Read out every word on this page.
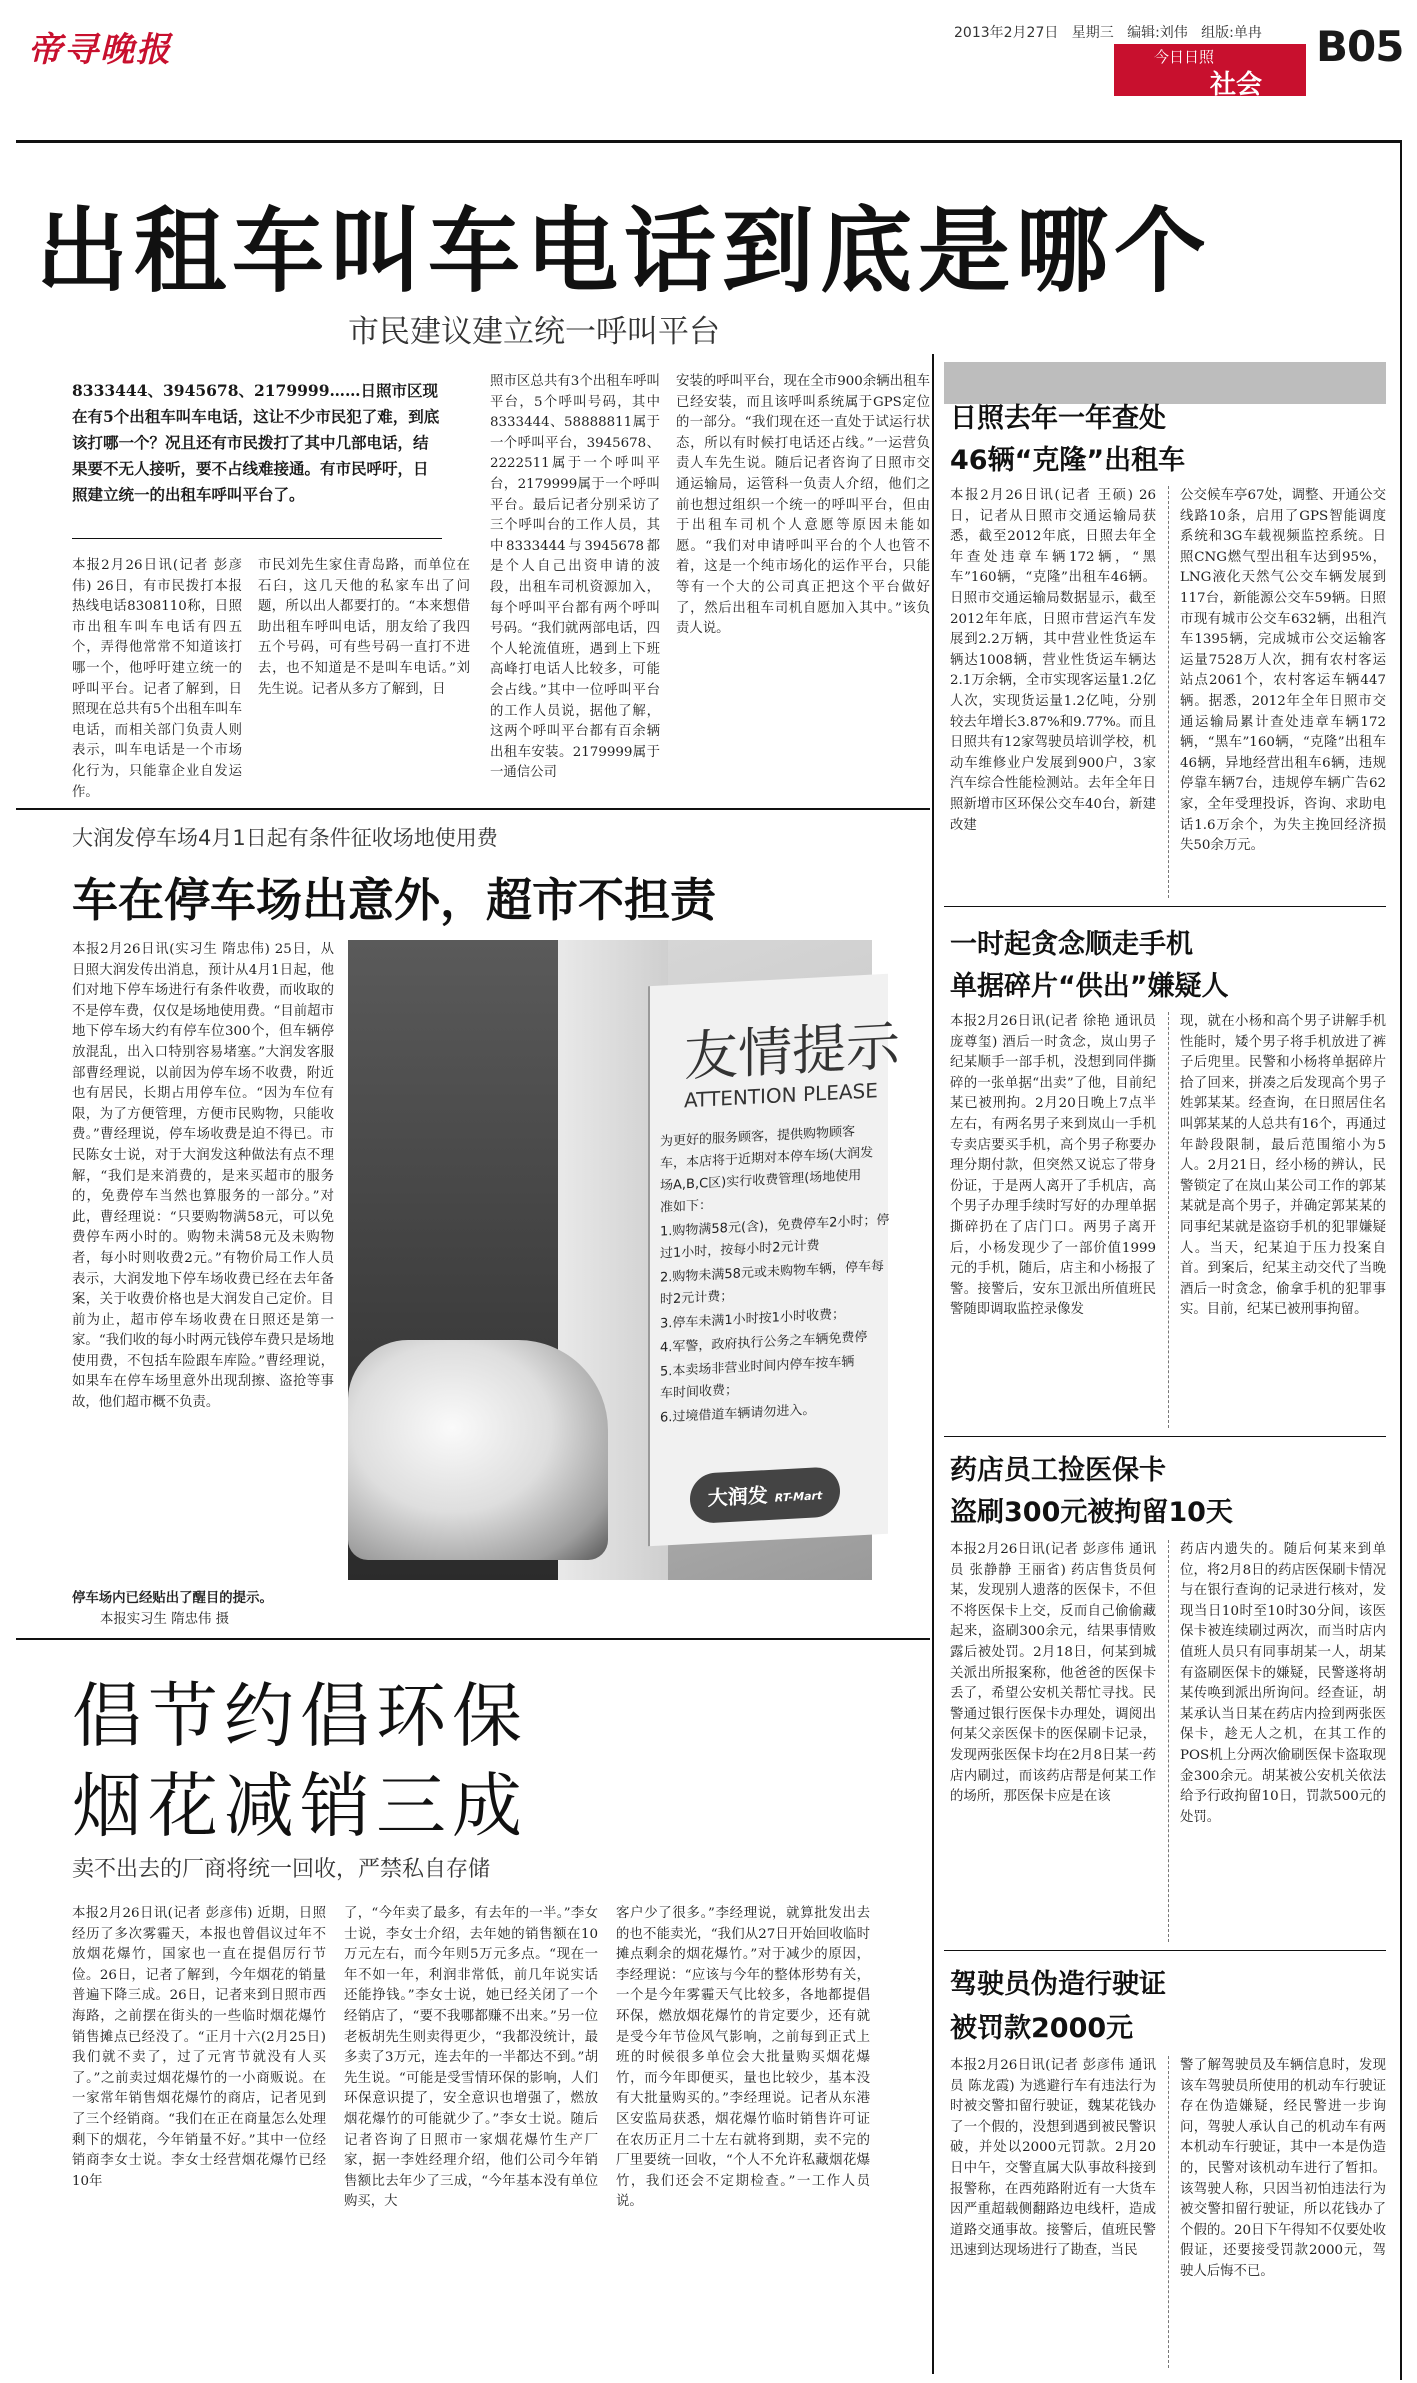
帝寻晚报	2013年2月27日 星期三 编辑:刘伟 组版:单冉
今日日照
社会
B05
出租车叫车电话到底是哪个
市民建议建立统一呼叫平台
8333444、3945678、2179999……日照市区现在有5个出租车叫车电话，这让不少市民犯了难，到底该打哪一个？况且还有市民拨打了其中几部电话，结果要不无人接听，要不占线难接通。有市民呼吁，日照建立统一的出租车呼叫平台了。
本报2月26日讯(记者 彭彦伟) 26日，有市民拨打本报热线电话8308110称，日照市出租车叫车电话有四五个，弄得他常常不知道该打哪一个，他呼吁建立统一的呼叫平台。记者了解到，日照现在总共有5个出租车叫车电话，而相关部门负责人则表示，叫车电话是一个市场化行为，只能靠企业自发运作。
市民刘先生家住青岛路，而单位在石臼，这几天他的私家车出了问题，所以出人都要打的。“本来想借助出租车呼叫电话，朋友给了我四五个号码，可有些号码一直打不进去，也不知道是不是叫车电话。”刘先生说。记者从多方了解到，日
照市区总共有3个出租车呼叫平台，5个呼叫号码，其中8333444、58888811属于一个呼叫平台，3945678、2222511属于一个呼叫平台，2179999属于一个呼叫平台。最后记者分别采访了三个呼叫台的工作人员，其中8333444与3945678都是个人自己出资申请的波段，出租车司机资源加入，每个呼叫平台都有两个呼叫号码。“我们就两部电话，四个人轮流值班，遇到上下班高峰打电话人比较多，可能会占线。”其中一位呼叫平台的工作人员说，据他了解，这两个呼叫平台都有百余辆出租车安装。2179999属于一通信公司
安装的呼叫平台，现在全市900余辆出租车已经安装，而且该呼叫系统属于GPS定位的一部分。“我们现在还一直处于试运行状态，所以有时候打电话还占线。”一运营负责人车先生说。随后记者咨询了日照市交通运输局，运管科一负责人介绍，他们之前也想过组织一个统一的呼叫平台，但由于出租车司机个人意愿等原因未能如愿。“我们对申请呼叫平台的个人也管不着，这是一个纯市场化的运作平台，只能等有一个大的公司真正把这个平台做好了，然后出租车司机自愿加入其中。”该负责人说。
大润发停车场4月1日起有条件征收场地使用费
车在停车场出意外，超市不担责
本报2月26日讯(实习生 隋忠伟) 25日，从日照大润发传出消息，预计从4月1日起，他们对地下停车场进行有条件收费，而收取的不是停车费，仅仅是场地使用费。“目前超市地下停车场大约有停车位300个，但车辆停放混乱，出入口特别容易堵塞。”大润发客服部曹经理说，以前因为停车场不收费，附近也有居民，长期占用停车位。“因为车位有限，为了方便管理，方便市民购物，只能收费。”曹经理说，停车场收费是迫不得已。市民陈女士说，对于大润发这种做法有点不理解，“我们是来消费的，是来买超市的服务的，免费停车当然也算服务的一部分。”对此，曹经理说：“只要购物满58元，可以免费停车两小时的。购物未满58元及未购物者，每小时则收费2元。”有物价局工作人员表示，大润发地下停车场收费已经在去年备案，关于收费价格也是大润发自己定价。目前为止，超市停车场收费在日照还是第一家。“我们收的每小时两元钱停车费只是场地使用费，不包括车险跟车库险。”曹经理说，如果车在停车场里意外出现刮擦、盗抢等事故，他们超市概不负责。
友情提示
ATTENTION PLEASE
为更好的服务顾客，提供购物顾客
车，本店将于近期对本停车场(大润发
场A,B,C区)实行收费管理(场地使用
准如下：
1.购物满58元(含)，免费停车2小时；停
过1小时，按每小时2元计费
2.购物未满58元或未购物车辆，停车每
时2元计费；
3.停车未满1小时按1小时收费；
4.军警，政府执行公务之车辆免费停
5.本卖场非营业时间内停车按车辆
车时间收费；
6.过境借道车辆请勿进入。
大润发 RT-Mart
停车场内已经贴出了醒目的提示。
本报实习生 隋忠伟 摄
倡节约倡环保
烟花减销三成
卖不出去的厂商将统一回收，严禁私自存储
本报2月26日讯(记者 彭彦伟) 近期，日照经历了多次雾霾天，本报也曾倡议过年不放烟花爆竹，国家也一直在提倡厉行节俭。26日，记者了解到，今年烟花的销量普遍下降三成。26日，记者来到日照市西海路，之前摆在街头的一些临时烟花爆竹销售摊点已经没了。“正月十六(2月25日)我们就不卖了，过了元宵节就没有人买了。”之前卖过烟花爆竹的一小商贩说。在一家常年销售烟花爆竹的商店，记者见到了三个经销商。“我们在正在商量怎么处理剩下的烟花，今年销量不好。”其中一位经销商李女士说。李女士经营烟花爆竹已经10年
了，“今年卖了最多，有去年的一半。”李女士说，李女士介绍，去年她的销售额在10万元左右，而今年则5万元多点。“现在一年不如一年，利润非常低，前几年说实话还能挣钱。”李女士说，她已经关闭了一个经销店了，“要不我哪都赚不出来。”另一位老板胡先生则卖得更少，“我都没统计，最多卖了3万元，连去年的一半都达不到。”胡先生说。“可能是受雪情环保的影响，人们环保意识提了，安全意识也增强了，燃放烟花爆竹的可能就少了。”李女士说。随后记者咨询了日照市一家烟花爆竹生产厂家，据一李姓经理介绍，他们公司今年销售额比去年少了三成，“今年基本没有单位购买，大
客户少了很多。”李经理说，就算批发出去的也不能卖光，“我们从27日开始回收临时摊点剩余的烟花爆竹。”对于减少的原因，李经理说：“应该与今年的整体形势有关，一个是今年雾霾天气比较多，各地都提倡环保，燃放烟花爆竹的肯定要少，还有就是受今年节俭风气影响，之前每到正式上班的时候很多单位会大批量购买烟花爆竹，而今年即便买，量也比较少，基本没有大批量购买的。”李经理说。记者从东港区安监局获悉，烟花爆竹临时销售许可证在农历正月二十左右就将到期，卖不完的厂里要统一回收，“个人不允许私藏烟花爆竹，我们还会不定期检查。”一工作人员说。
日照去年一年查处
46辆“克隆”出租车
本报2月26日讯(记者 王硕) 26日，记者从日照市交通运输局获悉，截至2012年底，日照去年全年查处违章车辆172辆，“黑车”160辆，“克隆”出租车46辆。日照市交通运输局数据显示，截至2012年年底，日照市营运汽车发展到2.2万辆，其中营业性货运车辆达1008辆，营业性货运车辆达2.1万余辆，全市实现客运量1.2亿人次，实现货运量1.2亿吨，分别较去年增长3.87%和9.77%。而且日照共有12家驾驶员培训学校，机动车维修业户发展到900户，3家汽车综合性能检测站。去年全年日照新增市区环保公交车40台，新建改建
公交候车亭67处，调整、开通公交线路10条，启用了GPS智能调度系统和3G车载视频监控系统。日照CNG燃气型出租车达到95%，LNG液化天然气公交车辆发展到117台，新能源公交车59辆。日照市现有城市公交车632辆，出租汽车1395辆，完成城市公交运输客运量7528万人次，拥有农村客运站点2061个，农村客运车辆447辆。据悉，2012年全年日照市交通运输局累计查处违章车辆172辆，“黑车”160辆，“克隆”出租车46辆，异地经营出租车6辆，违规停靠车辆7台，违规停车辆广告62家，全年受理投诉，咨询、求助电话1.6万余个，为失主挽回经济损失50余万元。
一时起贪念顺走手机
单据碎片“供出”嫌疑人
本报2月26日讯(记者 徐艳 通讯员 庞尊玺) 酒后一时贪念，岚山男子纪某顺手一部手机，没想到同伴撕碎的一张单据“出卖”了他，目前纪某已被刑拘。2月20日晚上7点半左右，有两名男子来到岚山一手机专卖店要买手机，高个男子称要办理分期付款，但突然又说忘了带身份证，于是两人离开了手机店，高个男子办理手续时写好的办理单据撕碎扔在了店门口。两男子离开后，小杨发现少了一部价值1999元的手机，随后，店主和小杨报了警。接警后，安东卫派出所值班民警随即调取监控录像发
现，就在小杨和高个男子讲解手机性能时，矮个男子将手机放进了裤子后兜里。民警和小杨将单据碎片拾了回来，拼凑之后发现高个男子姓郭某某。经查询，在日照居住名叫郭某某的人总共有16个，再通过年龄段限制，最后范围缩小为5人。2月21日，经小杨的辨认，民警锁定了在岚山某公司工作的郭某某就是高个男子，并确定郭某某的同事纪某就是盗窃手机的犯罪嫌疑人。当天，纪某迫于压力投案自首。到案后，纪某主动交代了当晚酒后一时贪念，偷拿手机的犯罪事实。目前，纪某已被刑事拘留。
药店员工捡医保卡
盗刷300元被拘留10天
本报2月26日讯(记者 彭彦伟 通讯员 张静静 王丽省) 药店售货员何某，发现别人遗落的医保卡，不但不将医保卡上交，反而自己偷偷藏起来，盗刷300余元，结果事情败露后被处罚。2月18日，何某到城关派出所报案称，他爸爸的医保卡丢了，希望公安机关帮忙寻找。民警通过银行医保卡办理处，调阅出何某父亲医保卡的医保刷卡记录，发现两张医保卡均在2月8日某一药店内刷过，而该药店帮是何某工作的场所，那医保卡应是在该
药店内遗失的。随后何某来到单位，将2月8日的药店医保刷卡情况与在银行查询的记录进行核对，发现当日10时至10时30分间，该医保卡被连续刷过两次，而当时店内值班人员只有同事胡某一人，胡某有盗刷医保卡的嫌疑，民警遂将胡某传唤到派出所询问。经查证，胡某承认当日某在药店内捡到两张医保卡，趁无人之机，在其工作的POS机上分两次偷刷医保卡盗取现金300余元。胡某被公安机关依法给予行政拘留10日，罚款500元的处罚。
驾驶员伪造行驶证
被罚款2000元
本报2月26日讯(记者 彭彦伟 通讯员 陈龙霞) 为逃避行车有违法行为时被交警扣留行驶证，魏某花钱办了一个假的，没想到遇到被民警识破，并处以2000元罚款。2月20日中午，交警直属大队事故科接到报警称，在西苑路附近有一大货车因严重超载侧翻路边电线杆，造成道路交通事故。接警后，值班民警迅速到达现场进行了勘查，当民
警了解驾驶员及车辆信息时，发现该车驾驶员所使用的机动车行驶证存在伪造嫌疑，经民警进一步询问，驾驶人承认自己的机动车有两本机动车行驶证，其中一本是伪造的，民警对该机动车进行了暂扣。该驾驶人称，只因当初怕违法行为被交警扣留行驶证，所以花钱办了个假的。20日下午得知不仅要处收假证，还要接受罚款2000元，驾驶人后悔不已。
